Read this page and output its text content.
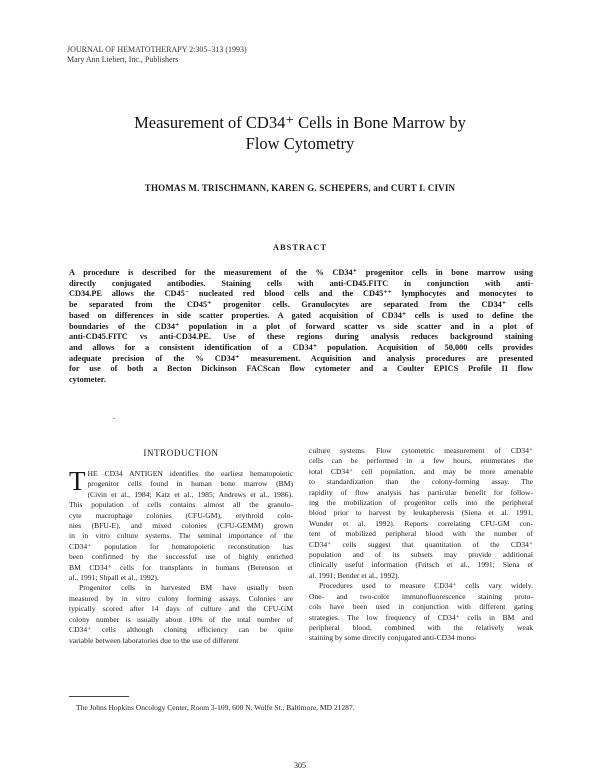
JOURNAL OF HEMATOTHERAPY 2:305–313 (1993)
Mary Ann Liebert, Inc., Publishers
Measurement of CD34⁺ Cells in Bone Marrow by
Flow Cytometry
THOMAS M. TRISCHMANN, KAREN G. SCHEPERS, and CURT I. CIVIN
ABSTRACT
A procedure is described for the measurement of the % CD34⁺ progenitor cells in bone marrow using
directly conjugated antibodies. Staining cells with anti-CD45.FITC in conjunction with anti-
CD34.PE allows the CD45⁻ nucleated red blood cells and the CD45⁺⁺ lymphocytes and monocytes to
be separated from the CD45⁺ progenitor cells. Granulocytes are separated from the CD34⁺ cells
based on differences in side scatter properties. A gated acquisition of CD34⁺ cells is used to define the
boundaries of the CD34⁺ population in a plot of forward scatter vs side scatter and in a plot of
anti-CD45.FITC vs anti-CD34.PE. Use of these regions during analysis reduces background staining
and allows for a consistent identification of a CD34⁺ population. Acquisition of 50,000 cells provides
adequate precision of the % CD34⁺ measurement. Acquisition and analysis procedures are presented
for use of both a Becton Dickinson FACScan flow cytometer and a Coulter EPICS Profile II flow
cytometer.
.
INTRODUCTION
T HE CD34 ANTIGEN identifies the earliest hematopoietic
progenitor cells found in human bone marrow (BM)
(Civin et al., 1984; Katz et al., 1985; Andrews et al., 1986).
This population of cells contains almost all the granulo-
cyte macrophage colonies (CFU-GM), erythroid colo-
nies (BFU-E), and mixed colonies (CFU-GEMM) grown
in in vitro culture systems. The seminal importance of the
CD34⁺ population for hematopoietic reconstitution has
been confirmed by the successful use of highly enriched
BM CD34⁺ cells for transplants in humans (Berenson et
al., 1991; Shpall et al., 1992).
Progenitor cells in harvested BM have usually been
measured by in vitro colony forming assays. Colonies are
typically scored after 14 days of culture and the CFU-GM
colony number is usually about 10% of the total number of
CD34⁺ cells although cloning efficiency can be quite
variable between laboratories due to the use of different
culture systems. Flow cytometric measurement of CD34⁺
cells can be performed in a few hours, enumerates the
total CD34⁺ cell population, and may be more amenable
to standardization than the colony-forming assay. The
rapidity of flow analysis has particular benefit for follow-
ing the mobilization of progenitor cells into the peripheral
blood prior to harvest by leukapheresis (Siena et al. 1991,
Wunder et al. 1992). Reports correlating CFU-GM con-
tent of mobilized peripheral blood with the number of
CD34⁺ cells suggest that quantitation of the CD34⁺
population and of its subsets may provide additional
clinically useful information (Fritsch et al., 1991; Siena et
al. 1991; Bender et al., 1992).
Procedures used to measure CD34⁺ cells vary widely.
One- and two-color immunofluorescence staining proto-
cols have been used in conjunction with different gating
strategies. The low frequency of CD34⁺ cells in BM and
peripheral blood, combined with the relatively weak
staining by some directly conjugated anti-CD34 mono-
The Johns Hopkins Oncology Center, Room 3-109, 600 N. Wolfe St., Baltimore, MD 21287.
305
